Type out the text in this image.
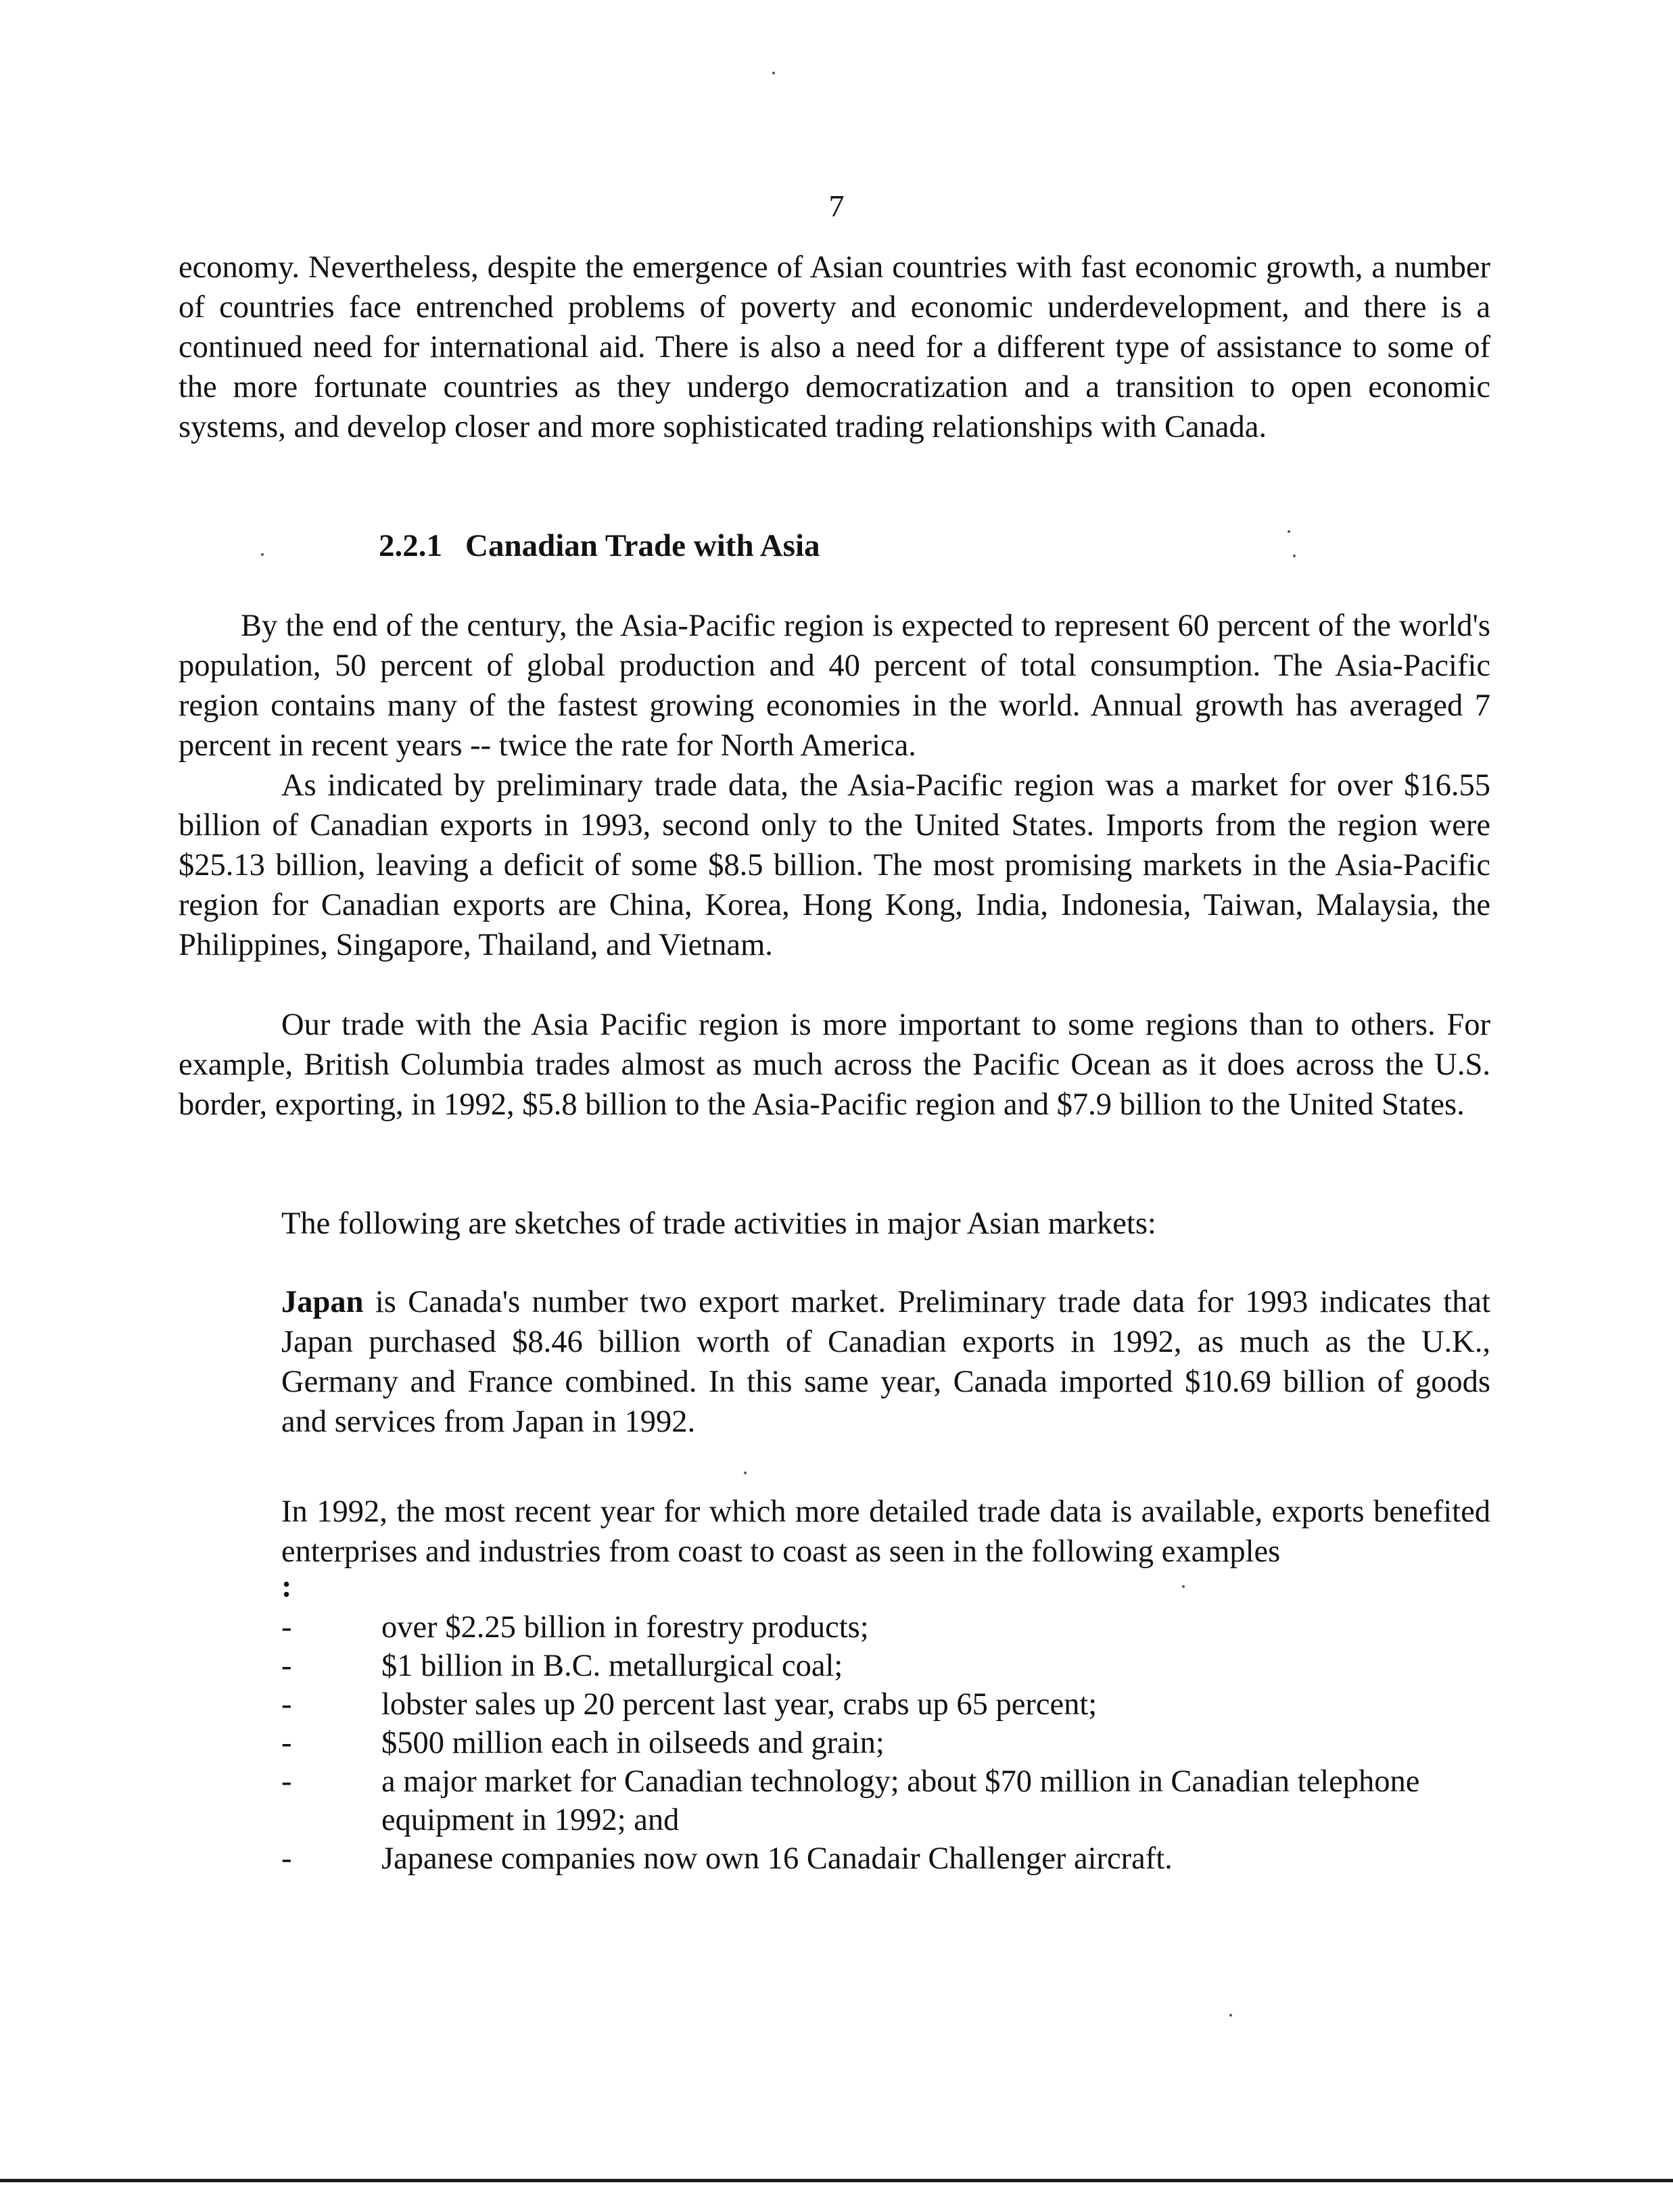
7

economy. Nevertheless, despite the emergence of Asian countries with fast economic growth, a number of countries face entrenched problems of poverty and economic underdevelopment, and there is a continued need for international aid. There is also a need for a different type of assistance to some of the more fortunate countries as they undergo democratization and a transition to open economic systems, and develop closer and more sophisticated trading relationships with Canada.

2.2.1 Canadian Trade with Asia

By the end of the century, the Asia-Pacific region is expected to represent 60 percent of the world's population, 50 percent of global production and 40 percent of total consumption. The Asia-Pacific region contains many of the fastest growing economies in the world. Annual growth has averaged 7 percent in recent years -- twice the rate for North America.

As indicated by preliminary trade data, the Asia-Pacific region was a market for over $16.55 billion of Canadian exports in 1993, second only to the United States. Imports from the region were $25.13 billion, leaving a deficit of some $8.5 billion. The most promising markets in the Asia-Pacific region for Canadian exports are China, Korea, Hong Kong, India, Indonesia, Taiwan, Malaysia, the Philippines, Singapore, Thailand, and Vietnam.

Our trade with the Asia Pacific region is more important to some regions than to others. For example, British Columbia trades almost as much across the Pacific Ocean as it does across the U.S. border, exporting, in 1992, $5.8 billion to the Asia-Pacific region and $7.9 billion to the United States.

The following are sketches of trade activities in major Asian markets:

Japan is Canada's number two export market. Preliminary trade data for 1993 indicates that Japan purchased $8.46 billion worth of Canadian exports in 1992, as much as the U.K., Germany and France combined. In this same year, Canada imported $10.69 billion of goods and services from Japan in 1992.

In 1992, the most recent year for which more detailed trade data is available, exports benefited enterprises and industries from coast to coast as seen in the following examples

:
-	over $2.25 billion in forestry products;
-	$1 billion in B.C. metallurgical coal;
-	lobster sales up 20 percent last year, crabs up 65 percent;
-	$500 million each in oilseeds and grain;
-	a major market for Canadian technology; about $70 million in Canadian telephone equipment in 1992; and
-	Japanese companies now own 16 Canadair Challenger aircraft.
